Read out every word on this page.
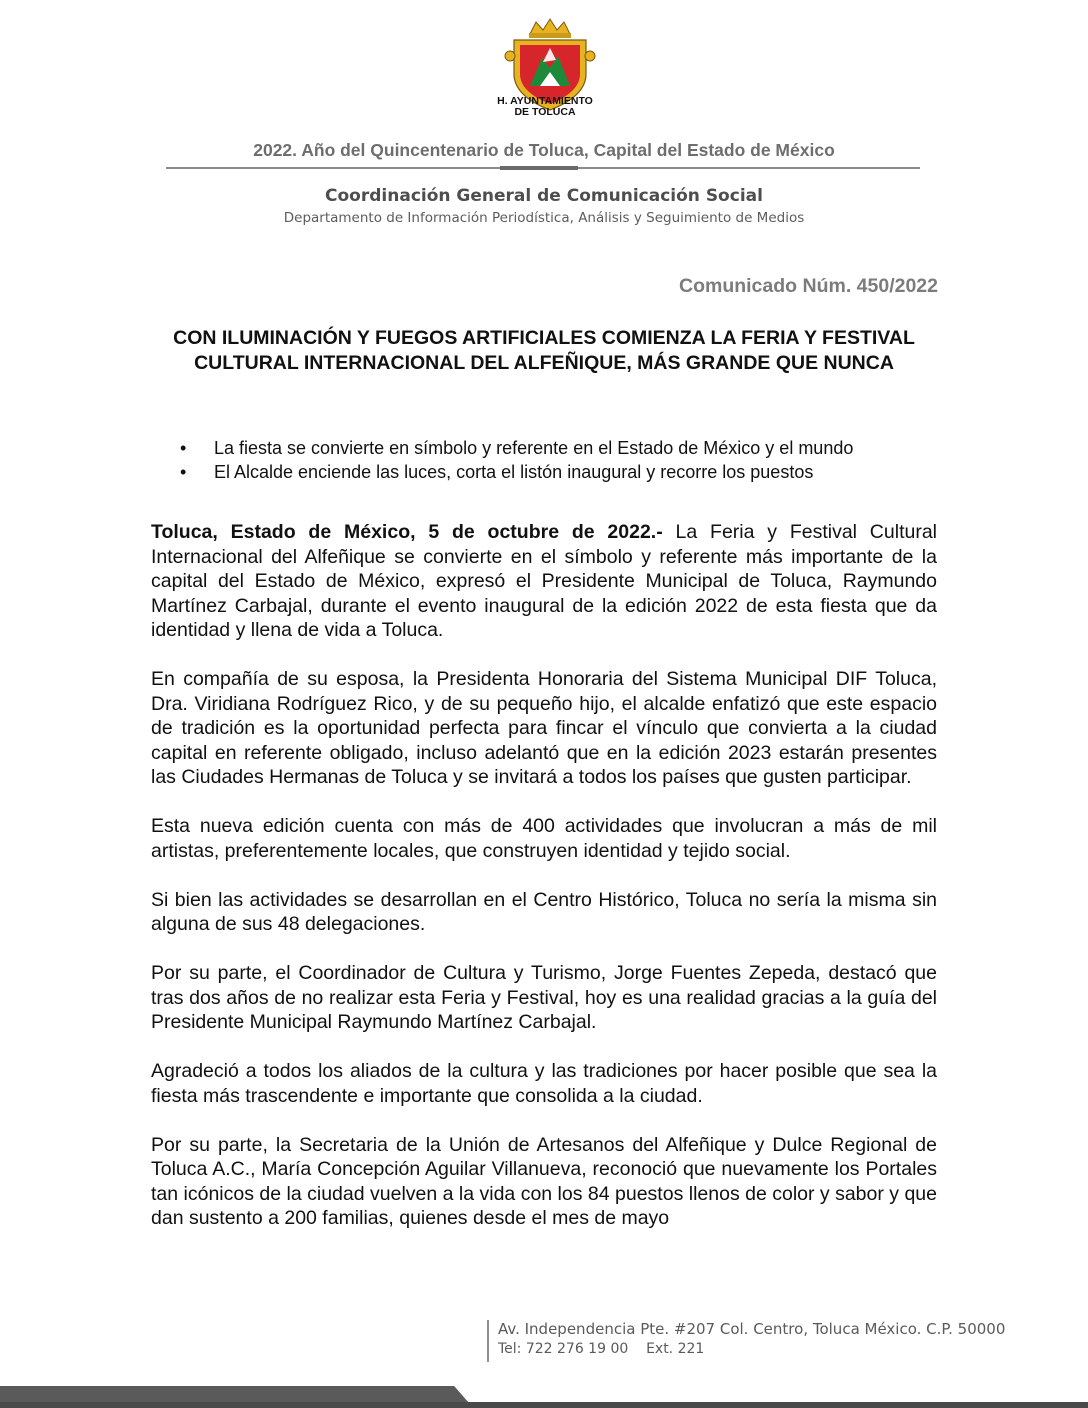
H. AYUNTAMIENTO
DE TOLUCA
2022. Año del Quincentenario de Toluca, Capital del Estado de México
Coordinación General de Comunicación Social
Departamento de Información Periodística, Análisis y Seguimiento de Medios
Comunicado Núm. 450/2022
CON ILUMINACIÓN Y FUEGOS ARTIFICIALES COMIENZA LA FERIA Y FESTIVAL CULTURAL INTERNACIONAL DEL ALFEÑIQUE, MÁS GRANDE QUE NUNCA
• La fiesta se convierte en símbolo y referente en el Estado de México y el mundo
• El Alcalde enciende las luces, corta el listón inaugural y recorre los puestos

Toluca, Estado de México, 5 de octubre de 2022.- La Feria y Festival Cultural Internacional del Alfeñique se convierte en el símbolo y referente más importante de la capital del Estado de México, expresó el Presidente Municipal de Toluca, Raymundo Martínez Carbajal, durante el evento inaugural de la edición 2022 de esta fiesta que da identidad y llena de vida a Toluca.

En compañía de su esposa, la Presidenta Honoraria del Sistema Municipal DIF Toluca, Dra. Viridiana Rodríguez Rico, y de su pequeño hijo, el alcalde enfatizó que este espacio de tradición es la oportunidad perfecta para fincar el vínculo que convierta a la ciudad capital en referente obligado, incluso adelantó que en la edición 2023 estarán presentes las Ciudades Hermanas de Toluca y se invitará a todos los países que gusten participar.

Esta nueva edición cuenta con más de 400 actividades que involucran a más de mil artistas, preferentemente locales, que construyen identidad y tejido social.

Si bien las actividades se desarrollan en el Centro Histórico, Toluca no sería la misma sin alguna de sus 48 delegaciones.

Por su parte, el Coordinador de Cultura y Turismo, Jorge Fuentes Zepeda, destacó que tras dos años de no realizar esta Feria y Festival, hoy es una realidad gracias a la guía del Presidente Municipal Raymundo Martínez Carbajal.

Agradeció a todos los aliados de la cultura y las tradiciones por hacer posible que sea la fiesta más trascendente e importante que consolida a la ciudad.

Por su parte, la Secretaria de la Unión de Artesanos del Alfeñique y Dulce Regional de Toluca A.C., María Concepción Aguilar Villanueva, reconoció que nuevamente los Portales tan icónicos de la ciudad vuelven a la vida con los 84 puestos llenos de color y sabor y que dan sustento a 200 familias, quienes desde el mes de mayo

Av. Independencia Pte. #207 Col. Centro, Toluca México. C.P. 50000
Tel: 722 276 19 00    Ext. 221
